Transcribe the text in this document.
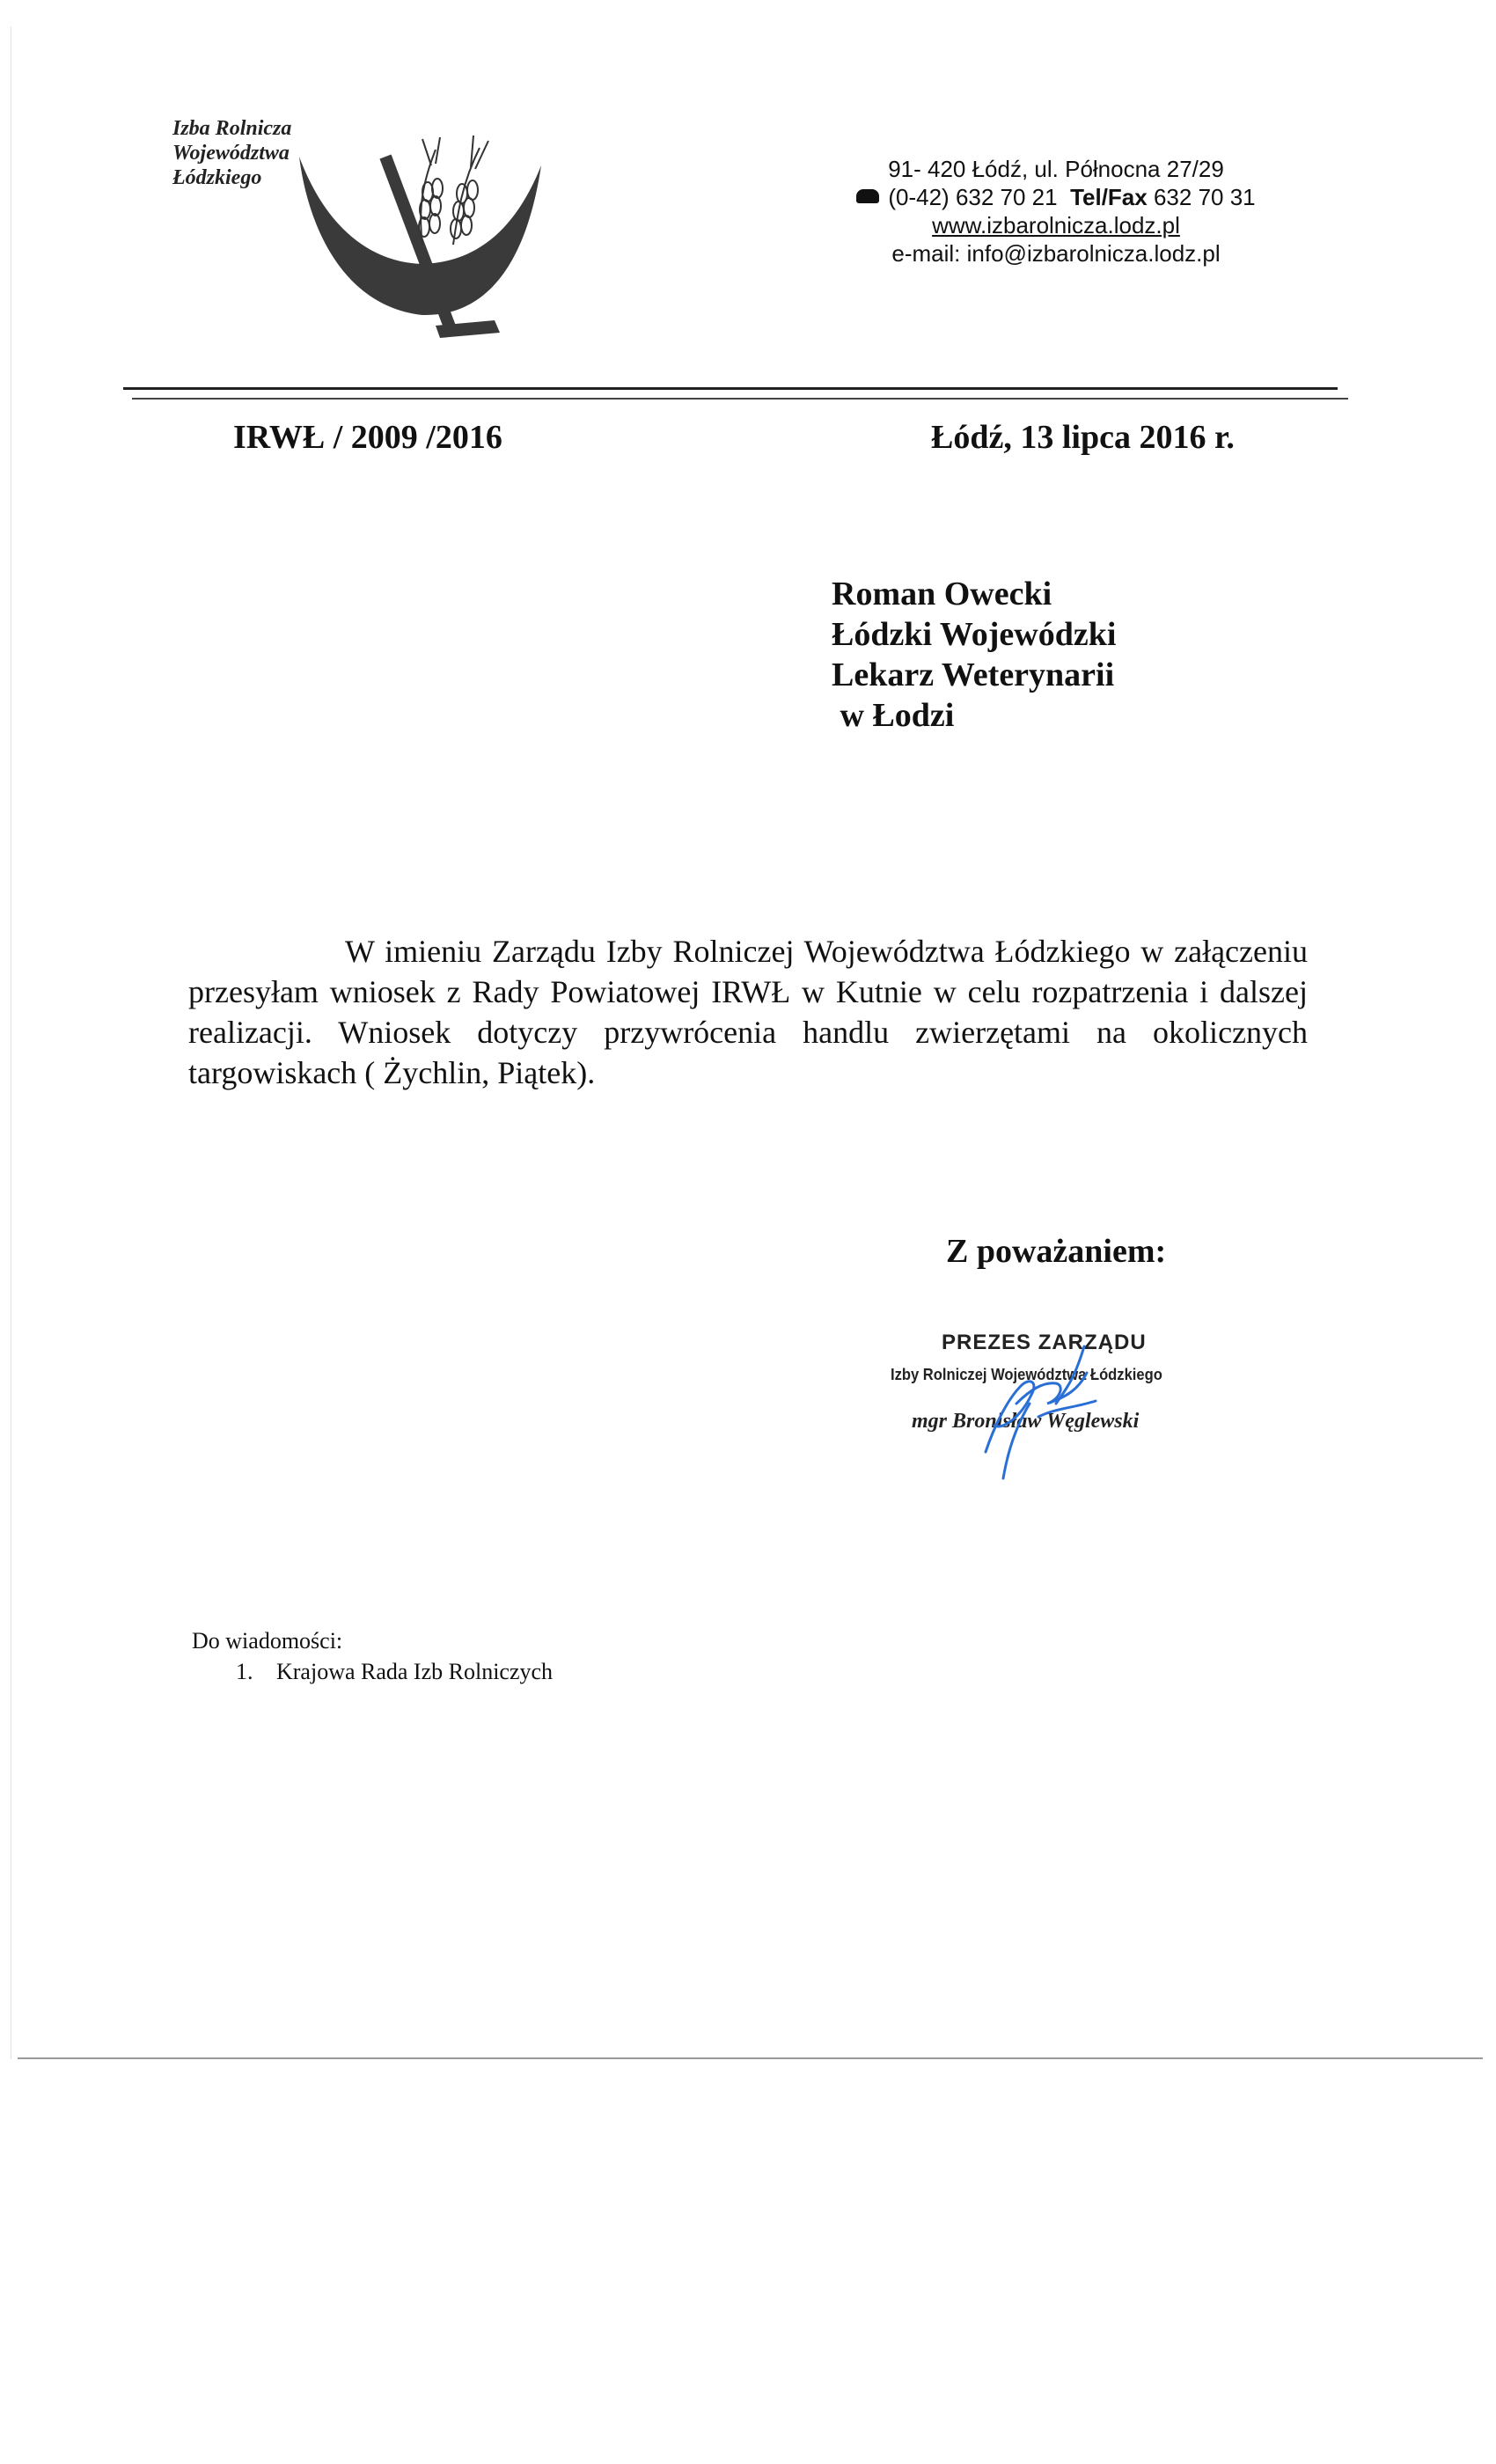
Izba Rolnicza
Województwa
Łódzkiego	91- 420 Łódź, ul. Północna 27/29
(0-42) 632 70 21 Tel/Fax 632 70 31
www.izbarolnicza.lodz.pl
e-mail: info@izbarolnicza.lodz.pl
IRWŁ / 2009 /2016	Łódź, 13 lipca 2016 r.
Roman Owecki
Łódzki Wojewódzki
Lekarz Weterynarii
w Łodzi
W imieniu Zarządu Izby Rolniczej Województwa Łódzkiego w załączeniu przesyłam wniosek z Rady Powiatowej IRWŁ w Kutnie w celu rozpatrzenia i dalszej realizacji. Wniosek dotyczy przywrócenia handlu zwierzętami na okolicznych targowiskach ( Żychlin, Piątek).
Z poważaniem:
PREZES ZARZĄDU
Izby Rolniczej Województwa Łódzkiego
mgr Bronisław Węglewski
Do wiadomości:
1. Krajowa Rada Izb Rolniczych
